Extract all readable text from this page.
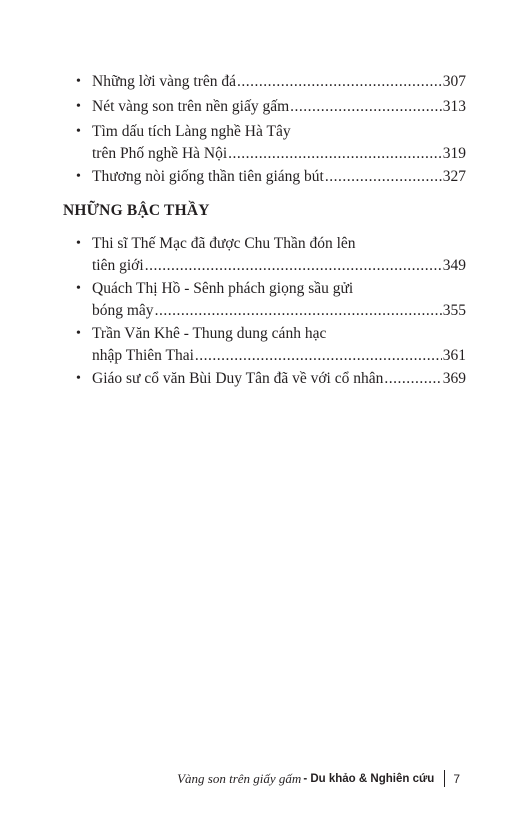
• Những lời vàng trên đá .....	307
• Nét vàng son trên nền giấy gấm .....	313
• Tìm dấu tích Làng nghề Hà Tây
trên Phố nghề Hà Nội .....	319
• Thương nòi giống thần tiên giáng bút .....	327
NHỮNG BẬC THẦY
• Thi sĩ Thế Mạc đã được Chu Thần đón lên
tiên giới .....	349
• Quách Thị Hồ - Sênh phách giọng sầu gửi
bóng mây .....	355
• Trần Văn Khê - Thung dung cánh hạc
nhập Thiên Thai .....	361
• Giáo sư cổ văn Bùi Duy Tân đã về với cổ nhân .....	369
Vàng son trên giấy gấm - Du khảo & Nghiên cứu 7
